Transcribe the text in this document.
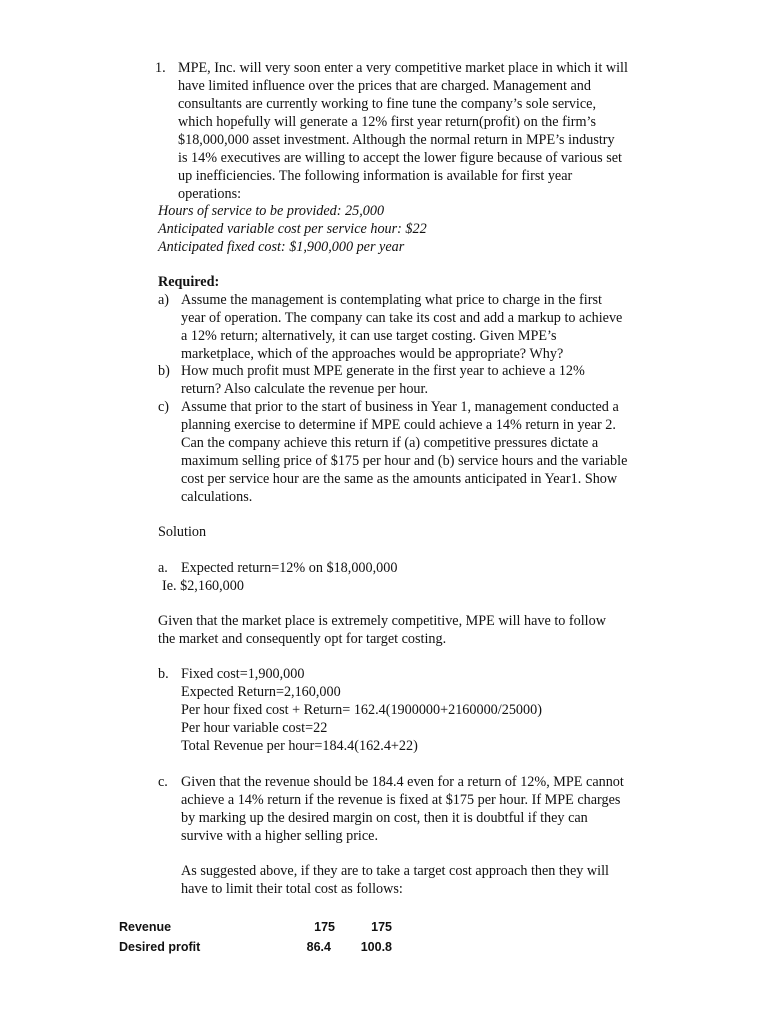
1. MPE, Inc. will very soon enter a very competitive market place in which it will
have limited influence over the prices that are charged. Management and
consultants are currently working to fine tune the company’s sole service,
which hopefully will generate a 12% first year return(profit) on the firm’s
$18,000,000 asset investment. Although the normal return in MPE’s industry
is 14% executives are willing to accept the lower figure because of various set
up inefficiencies. The following information is available for first year
operations:
Hours of service to be provided: 25,000
Anticipated variable cost per service hour: $22
Anticipated fixed cost: $1,900,000 per year
Required:
a) Assume the management is contemplating what price to charge in the first
year of operation. The company can take its cost and add a markup to achieve
a 12% return; alternatively, it can use target costing. Given MPE’s
marketplace, which of the approaches would be appropriate? Why?
b) How much profit must MPE generate in the first year to achieve a 12%
return? Also calculate the revenue per hour.
c) Assume that prior to the start of business in Year 1, management conducted a
planning exercise to determine if MPE could achieve a 14% return in year 2.
Can the company achieve this return if (a) competitive pressures dictate a
maximum selling price of $175 per hour and (b) service hours and the variable
cost per service hour are the same as the amounts anticipated in Year1. Show
calculations.
Solution
a. Expected return=12% on $18,000,000
Ie. $2,160,000
Given that the market place is extremely competitive, MPE will have to follow
the market and consequently opt for target costing.
b. Fixed cost=1,900,000
Expected Return=2,160,000
Per hour fixed cost + Return= 162.4(1900000+2160000/25000)
Per hour variable cost=22
Total Revenue per hour=184.4(162.4+22)
c. Given that the revenue should be 184.4 even for a return of 12%, MPE cannot
achieve a 14% return if the revenue is fixed at $175 per hour. If MPE charges
by marking up the desired margin on cost, then it is doubtful if they can
survive with a higher selling price.
As suggested above, if they are to take a target cost approach then they will
have to limit their total cost as follows:
Revenue	175	175
Desired profit	86.4	100.8
